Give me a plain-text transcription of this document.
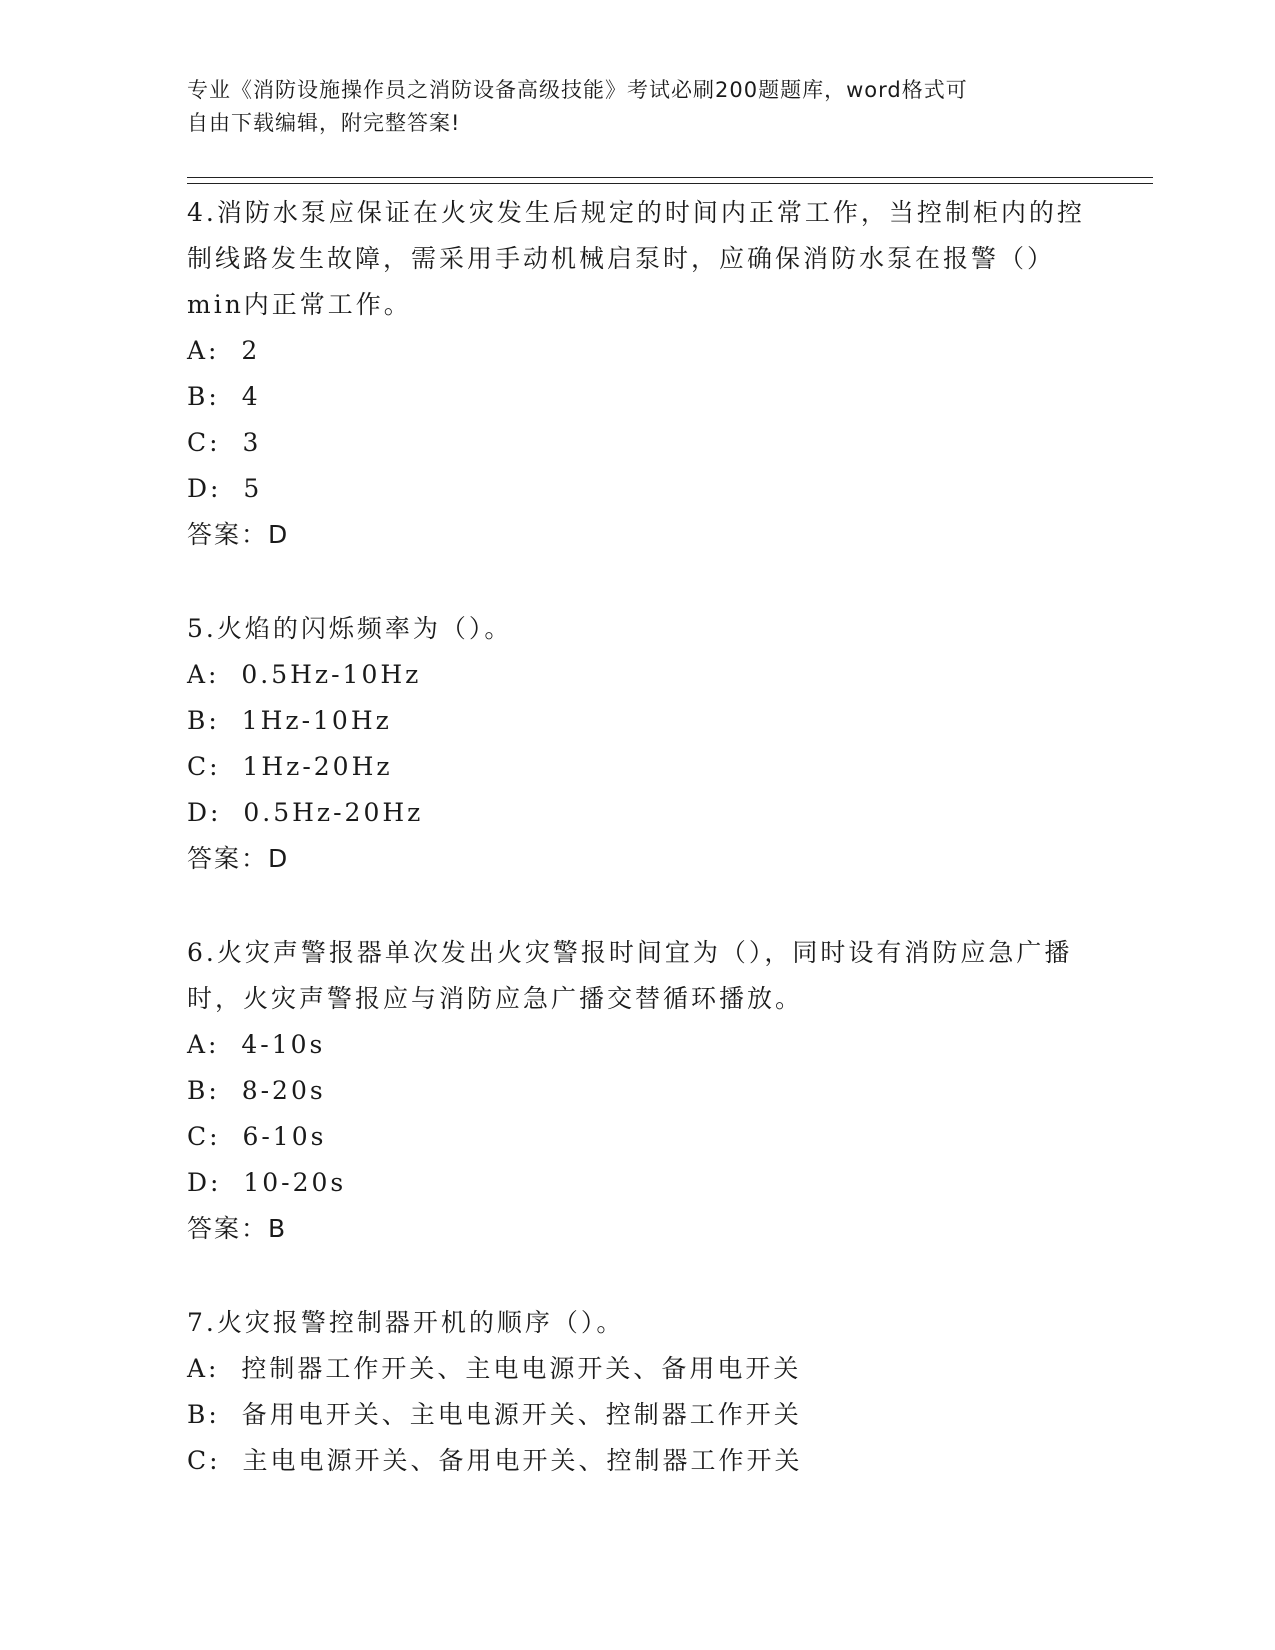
专业《消防设施操作员之消防设备高级技能》考试必刷200题题库，word格式可
自由下载编辑，附完整答案!

4.消防水泵应保证在火灾发生后规定的时间内正常工作，当控制柜内的控制线路发生故障，需采用手动机械启泵时，应确保消防水泵在报警（）min内正常工作。

A:  2
B:  4
C:  3
D:  5
答案：D

5.火焰的闪烁频率为（）。

A:  0.5Hz-10Hz
B:  1Hz-10Hz
C:  1Hz-20Hz
D:  0.5Hz-20Hz
答案：D

6.火灾声警报器单次发出火灾警报时间宜为（），同时设有消防应急广播时，火灾声警报应与消防应急广播交替循环播放。

A:  4-10s
B:  8-20s
C:  6-10s
D:  10-20s
答案：B

7.火灾报警控制器开机的顺序（）。

A:  控制器工作开关、主电电源开关、备用电开关
B:  备用电开关、主电电源开关、控制器工作开关
C:  主电电源开关、备用电开关、控制器工作开关
